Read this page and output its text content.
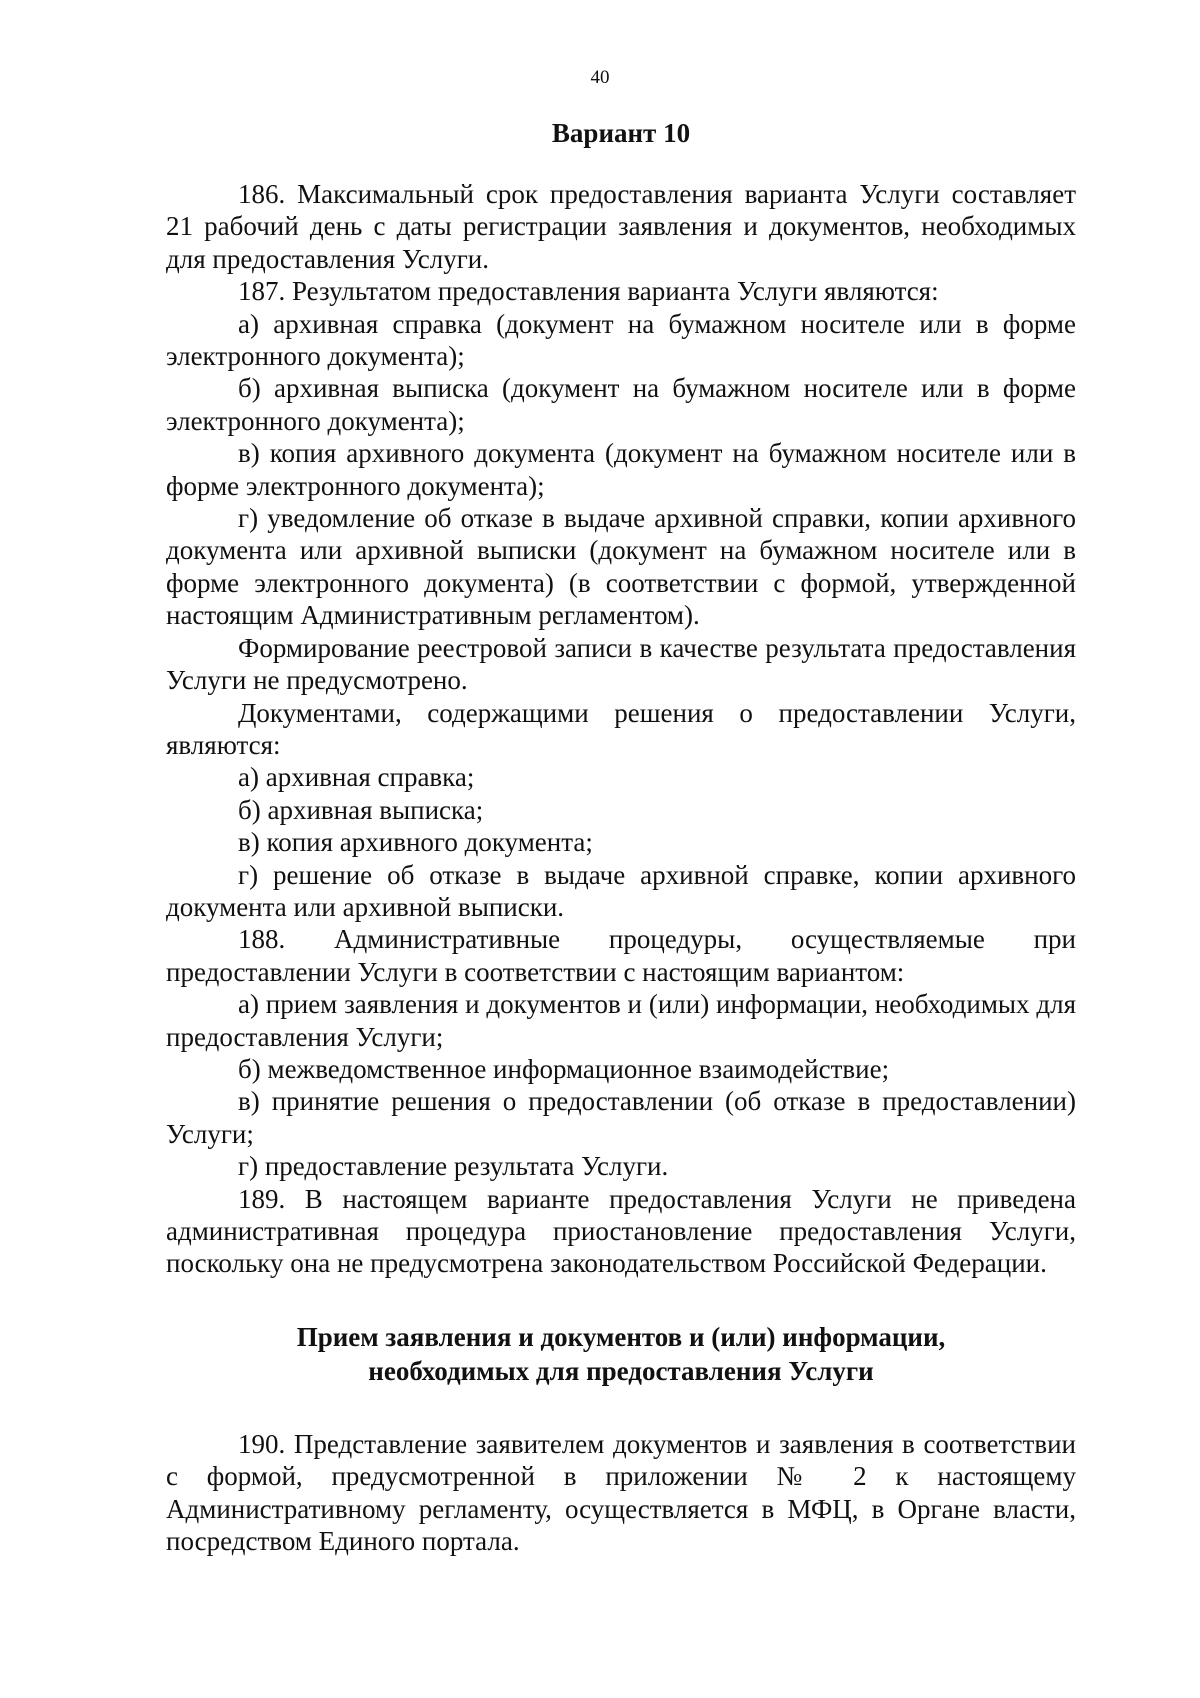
40
Вариант 10

186. Максимальный срок предоставления варианта Услуги составляет 21 рабочий день с даты регистрации заявления и документов, необходимых для предоставления Услуги.

187. Результатом предоставления варианта Услуги являются:

а) архивная справка (документ на бумажном носителе или в форме электронного документа);

б) архивная выписка (документ на бумажном носителе или в форме электронного документа);

в) копия архивного документа (документ на бумажном носителе или в форме электронного документа);

г) уведомление об отказе в выдаче архивной справки, копии архивного документа или архивной выписки (документ на бумажном носителе или в форме электронного документа) (в соответствии с формой, утвержденной настоящим Административным регламентом).

Формирование реестровой записи в качестве результата предоставления Услуги не предусмотрено.

Документами, содержащими решения о предоставлении Услуги, являются:

а) архивная справка;

б) архивная выписка;

в) копия архивного документа;

г) решение об отказе в выдаче архивной справке, копии архивного документа или архивной выписки.

188. Административные процедуры, осуществляемые при предоставлении Услуги в соответствии с настоящим вариантом:

а) прием заявления и документов и (или) информации, необходимых для предоставления Услуги;

б) межведомственное информационное взаимодействие;

в) принятие решения о предоставлении (об отказе в предоставлении) Услуги;

г) предоставление результата Услуги.

189. В настоящем варианте предоставления Услуги не приведена административная процедура приостановление предоставления Услуги, поскольку она не предусмотрена законодательством Российской Федерации.

Прием заявления и документов и (или) информации,
необходимых для предоставления Услуги

190. Представление заявителем документов и заявления в соответствии с формой, предусмотренной в приложении № 2 к настоящему Административному регламенту, осуществляется в МФЦ, в Органе власти, посредством Единого портала.
